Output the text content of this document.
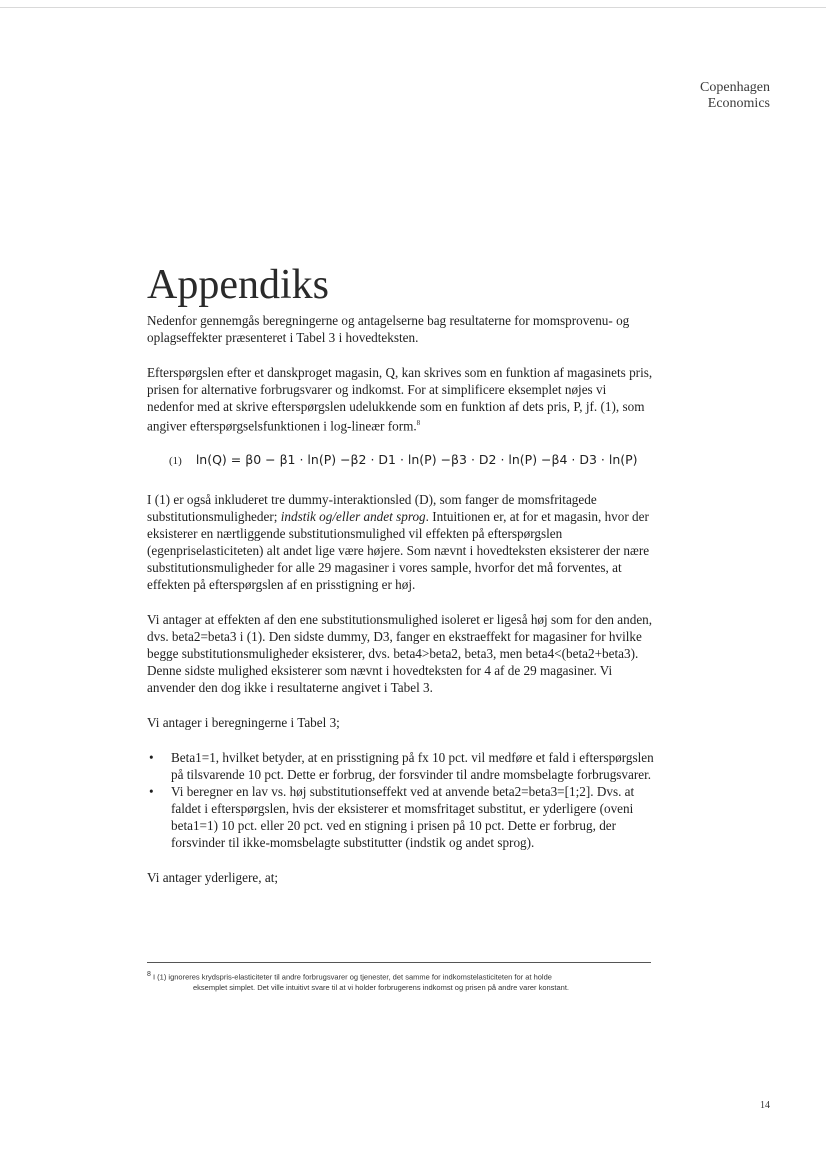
Copenhagen
Economics
Appendiks

Nedenfor gennemgås beregningerne og antagelserne bag resultaterne for momsprovenu- og oplagseffekter præsenteret i Tabel 3 i hovedteksten.

Efterspørgslen efter et danskproget magasin, Q, kan skrives som en funktion af magasinets pris, prisen for alternative forbrugsvarer og indkomst. For at simplificere eksemplet nøjes vi nedenfor med at skrive efterspørgslen udelukkende som en funktion af dets pris, P, jf. (1), som angiver efterspørgselsfunktionen i log-lineær form.$^8$

(1) ln(Q) = β0 − β1 · ln(P) −β2 · D1 · ln(P) −β3 · D2 · ln(P) −β4 · D3 · ln(P)

I (1) er også inkluderet tre dummy-interaktionsled (D), som fanger de momsfritagede substitutionsmuligheder; indstik og/eller andet sprog. Intuitionen er, at for et magasin, hvor der eksisterer en nærtliggende substitutionsmulighed vil effekten på efterspørgslen (egenpriselasticiteten) alt andet lige være højere. Som nævnt i hovedteksten eksisterer der nære substitutionsmuligheder for alle 29 magasiner i vores sample, hvorfor det må forventes, at effekten på efterspørgslen af en prisstigning er høj.

Vi antager at effekten af den ene substitutionsmulighed isoleret er ligeså høj som for den anden, dvs. beta2=beta3 i (1). Den sidste dummy, D3, fanger en ekstraeffekt for magasiner for hvilke begge substitutionsmuligheder eksisterer, dvs. beta4>beta2, beta3, men beta4<(beta2+beta3). Denne sidste mulighed eksisterer som nævnt i hovedteksten for 4 af de 29 magasiner. Vi anvender den dog ikke i resultaterne angivet i Tabel 3.

Vi antager i beregningerne i Tabel 3;

• Beta1=1, hvilket betyder, at en prisstigning på fx 10 pct. vil medføre et fald i efterspørgslen på tilsvarende 10 pct. Dette er forbrug, der forsvinder til andre momsbelagte forbrugsvarer.
• Vi beregner en lav vs. høj substitutionseffekt ved at anvende beta2=beta3=[1;2]. Dvs. at faldet i efterspørgslen, hvis der eksisterer et momsfritaget substitut, er yderligere (oveni beta1=1) 10 pct. eller 20 pct. ved en stigning i prisen på 10 pct. Dette er forbrug, der forsvinder til ikke-momsbelagte substitutter (indstik og andet sprog).

Vi antager yderligere, at;

$^8$ I (1) ignoreres krydspris-elasticiteter til andre forbrugsvarer og tjenester, det samme for indkomstelasticiteten for at holde
eksemplet simplet. Det ville intuitivt svare til at vi holder forbrugerens indkomst og prisen på andre varer konstant.
14
